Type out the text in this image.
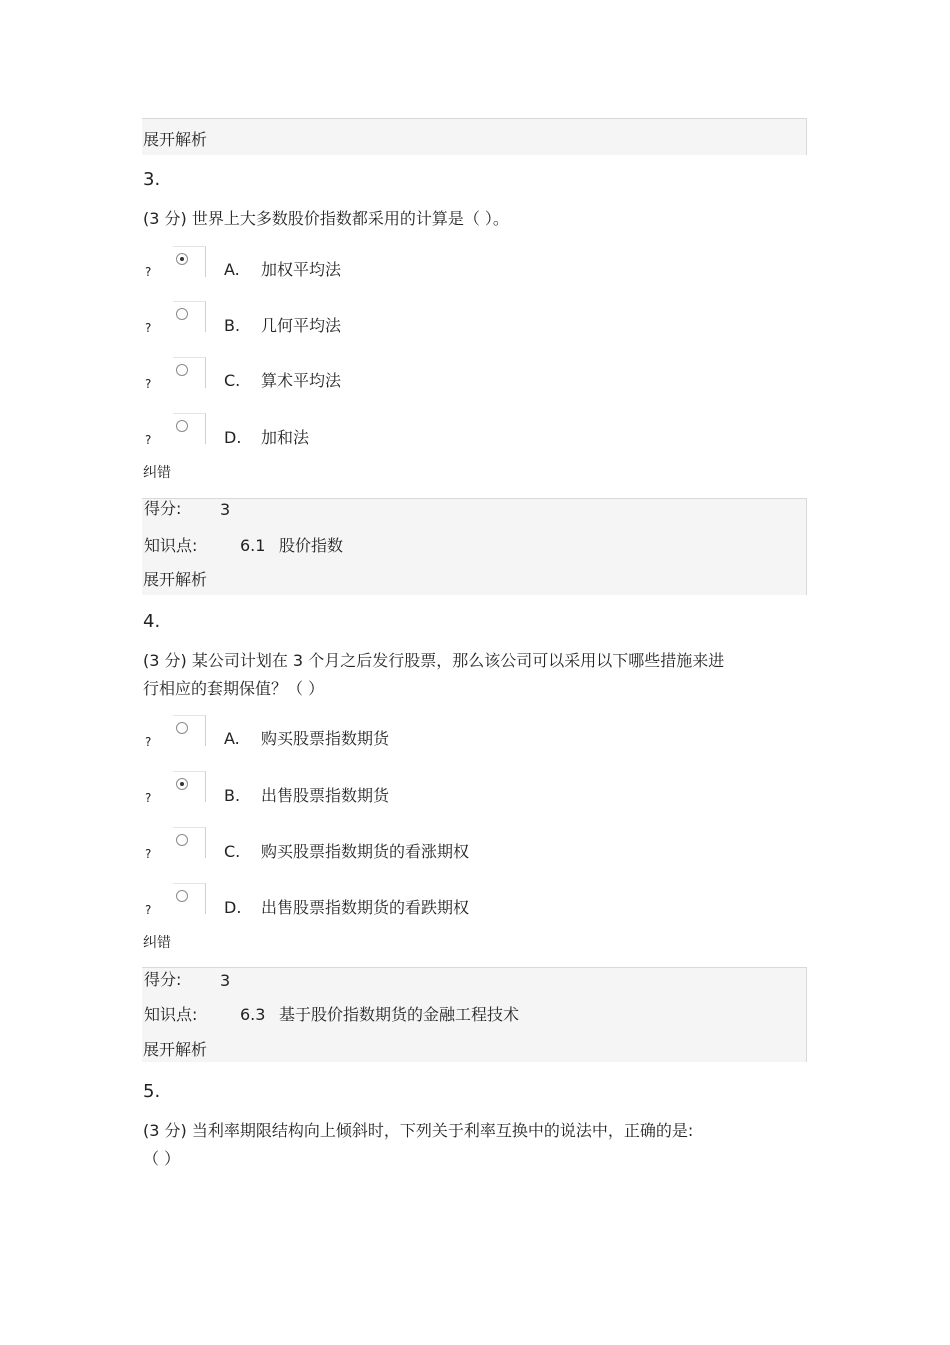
展开解析
3.
(3 分) 世界上大多数股价指数都采用的计算是（ ）。
?	A. 加权平均法
?	B. 几何平均法
?	C. 算术平均法
?	D. 加和法
纠错
得分: 3
知识点:	6.1 股价指数
展开解析
4.
(3 分) 某公司计划在 3 个月之后发行股票，那么该公司可以采用以下哪些措施来进
行相应的套期保值？（ ）
?	A. 购买股票指数期货
?	B. 出售股票指数期货
?	C. 购买股票指数期货的看涨期权
?	D. 出售股票指数期货的看跌期权
纠错
得分: 3
知识点:	6.3 基于股价指数期货的金融工程技术
展开解析
5.
(3 分) 当利率期限结构向上倾斜时，下列关于利率互换中的说法中，正确的是:
（ ）
